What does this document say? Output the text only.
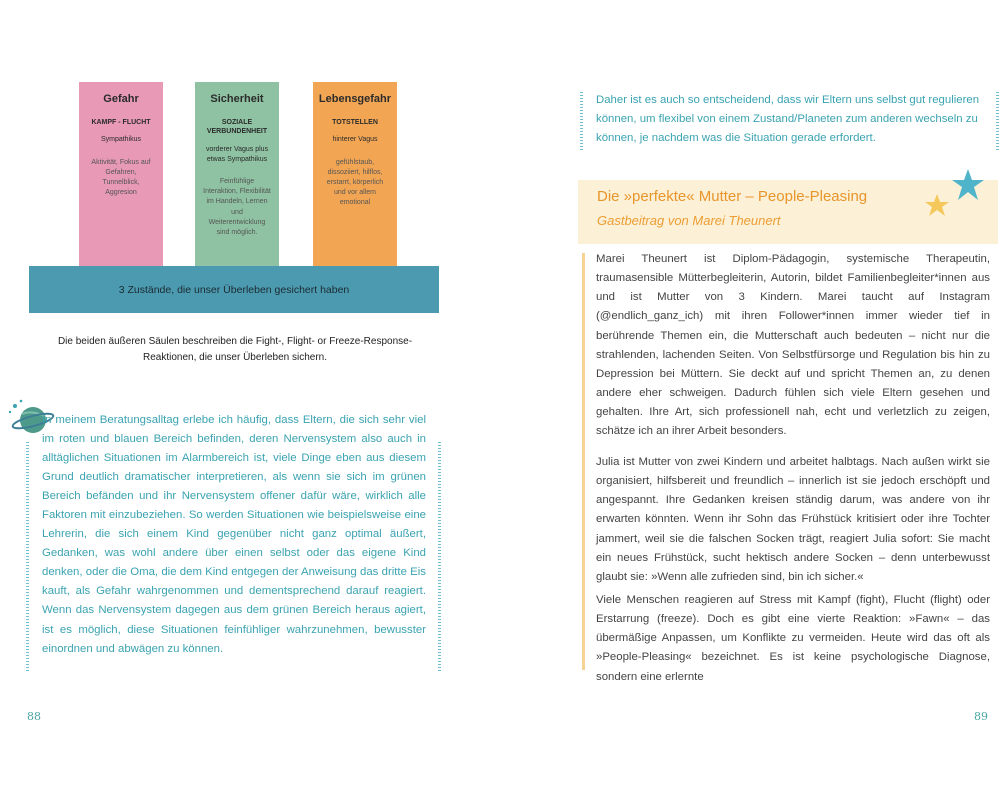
Gefahr
KAMPF - FLUCHT
Sympathikus
Aktivität, Fokus auf Gefahren, Tunnelblick, Aggresion
Sicherheit
SOZIALE VERBUNDENHEIT
vorderer Vagus plus etwas Sympathikus
Feinfühlige Interaktion, Flexibilität im Handeln, Lernen und Weiterentwicklung sind möglich.
Lebensgefahr
TOTSTELLEN
hinterer Vagus
gefühlstaub, dissoziiert, hilflos, erstarrt, körperlich und vor allem emotional
3 Zustände, die unser Überleben gesichert haben
Die beiden äußeren Säulen beschreiben die Fight-, Flight- or Freeze-Response-Reaktionen, die unser Überleben sichern.
In meinem Beratungsalltag erlebe ich häufig, dass Eltern, die sich sehr viel im roten und blauen Bereich befinden, deren Nervensystem also auch in alltäglichen Situationen im Alarmbereich ist, viele Dinge eben aus diesem Grund deutlich dramatischer interpretieren, als wenn sie sich im grünen Bereich befänden und ihr Nervensystem offener dafür wäre, wirklich alle Faktoren mit einzubeziehen. So werden Situationen wie beispielsweise eine Lehrerin, die sich einem Kind gegenüber nicht ganz optimal äußert, Gedanken, was wohl andere über einen selbst oder das eigene Kind denken, oder die Oma, die dem Kind entgegen der Anweisung das dritte Eis kauft, als Gefahr wahrgenommen und dementsprechend darauf reagiert. Wenn das Nervensystem dagegen aus dem grünen Bereich heraus agiert, ist es möglich, diese Situationen feinfühliger wahrzunehmen, bewusster einordnen und abwägen zu können.
88
Daher ist es auch so entscheidend, dass wir Eltern uns selbst gut regulieren können, um flexibel von einem Zustand/Planeten zum anderen wechseln zu können, je nachdem was die Situation gerade erfordert.
Die »perfekte« Mutter – People-Pleasing
Gastbeitrag von Marei Theunert
Marei Theunert ist Diplom-Pädagogin, systemische Therapeutin, traumasensible Mütterbegleiterin, Autorin, bildet Familienbegleiter*innen aus und ist Mutter von 3 Kindern. Marei taucht auf Instagram (@endlich_ganz_ich) mit ihren Follower*innen immer wieder tief in berührende Themen ein, die Mutterschaft auch bedeuten – nicht nur die strahlenden, lachenden Seiten. Von Selbstfürsorge und Regulation bis hin zu Depression bei Müttern. Sie deckt auf und spricht Themen an, zu denen andere eher schweigen. Dadurch fühlen sich viele Eltern gesehen und gehalten. Ihre Art, sich professionell nah, echt und verletzlich zu zeigen, schätze ich an ihrer Arbeit besonders.
Julia ist Mutter von zwei Kindern und arbeitet halbtags. Nach außen wirkt sie organisiert, hilfsbereit und freundlich – innerlich ist sie jedoch erschöpft und angespannt. Ihre Gedanken kreisen ständig darum, was andere von ihr erwarten könnten. Wenn ihr Sohn das Frühstück kritisiert oder ihre Tochter jammert, weil sie die falschen Socken trägt, reagiert Julia sofort: Sie macht ein neues Frühstück, sucht hektisch andere Socken – denn unterbewusst glaubt sie: »Wenn alle zufrieden sind, bin ich sicher.«
Viele Menschen reagieren auf Stress mit Kampf (fight), Flucht (flight) oder Erstarrung (freeze). Doch es gibt eine vierte Reaktion: »Fawn« – das übermäßige Anpassen, um Konflikte zu vermeiden. Heute wird das oft als »People-Pleasing« bezeichnet. Es ist keine psychologische Diagnose, sondern eine erlernte
89
